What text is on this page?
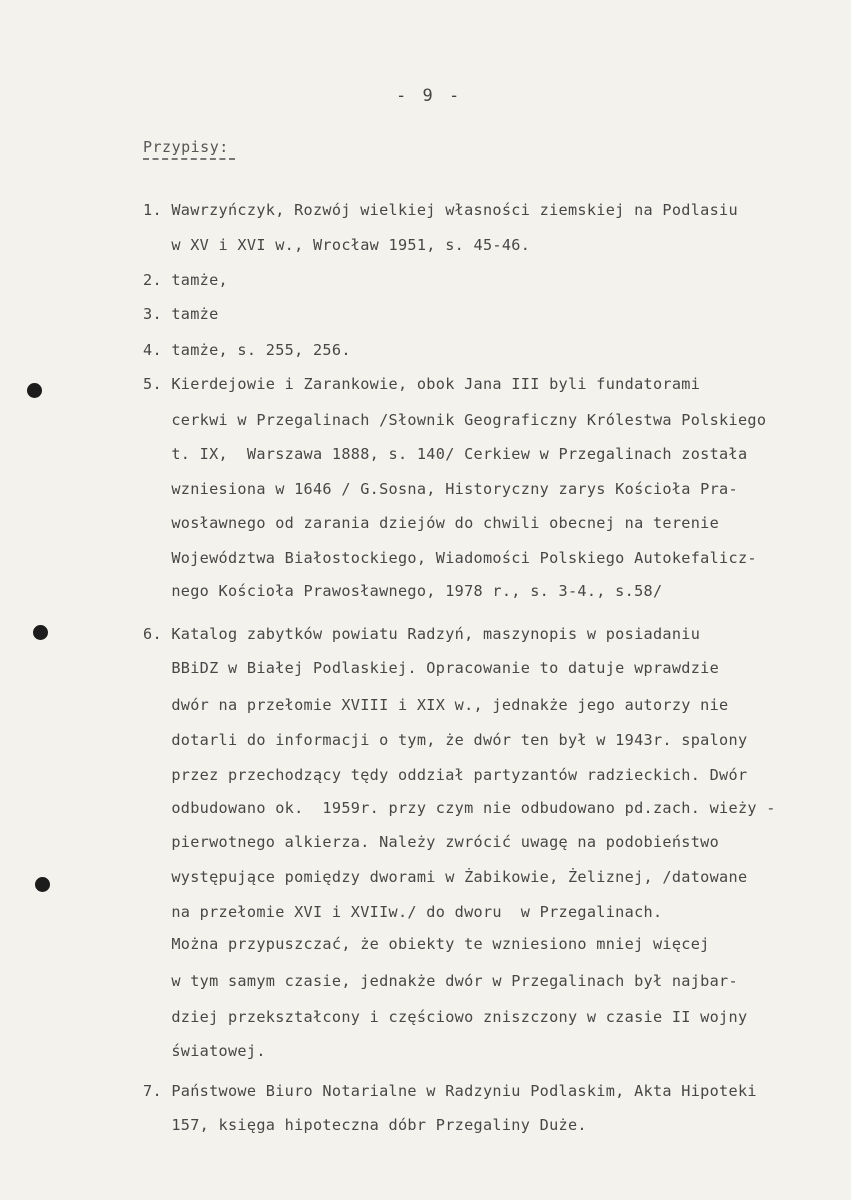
- 9 -
Przypisy:
1. Wawrzyńczyk, Rozwój wielkiej własności ziemskiej na Podlasiu
w XV i XVI w., Wrocław 1951, s. 45-46.
2. tamże,
3. tamże
4. tamże, s. 255, 256.
5. Kierdejowie i Zarankowie, obok Jana III byli fundatorami
cerkwi w Przegalinach /Słownik Geograficzny Królestwa Polskiego
t. IX,  Warszawa 1888, s. 140/ Cerkiew w Przegalinach została
wzniesiona w 1646 / G.Sosna, Historyczny zarys Kościoła Pra-
wosławnego od zarania dziejów do chwili obecnej na terenie
Województwa Białostockiego, Wiadomości Polskiego Autokefalicz-
nego Kościoła Prawosławnego, 1978 r., s. 3-4., s.58/
6. Katalog zabytków powiatu Radzyń, maszynopis w posiadaniu
BBiDZ w Białej Podlaskiej. Opracowanie to datuje wprawdzie
dwór na przełomie XVIII i XIX w., jednakże jego autorzy nie
dotarli do informacji o tym, że dwór ten był w 1943r. spalony
przez przechodzący tędy oddział partyzantów radzieckich. Dwór
odbudowano ok.  1959r. przy czym nie odbudowano pd.zach. wieży -
pierwotnego alkierza. Należy zwrócić uwagę na podobieństwo
występujące pomiędzy dworami w Żabikowie, Żeliznej, /datowane
na przełomie XVI i XVIIw./ do dworu  w Przegalinach.
Można przypuszczać, że obiekty te wzniesiono mniej więcej
w tym samym czasie, jednakże dwór w Przegalinach był najbar-
dziej przekształcony i częściowo zniszczony w czasie II wojny
światowej.
7. Państwowe Biuro Notarialne w Radzyniu Podlaskim, Akta Hipoteki
157, księga hipoteczna dóbr Przegaliny Duże.
